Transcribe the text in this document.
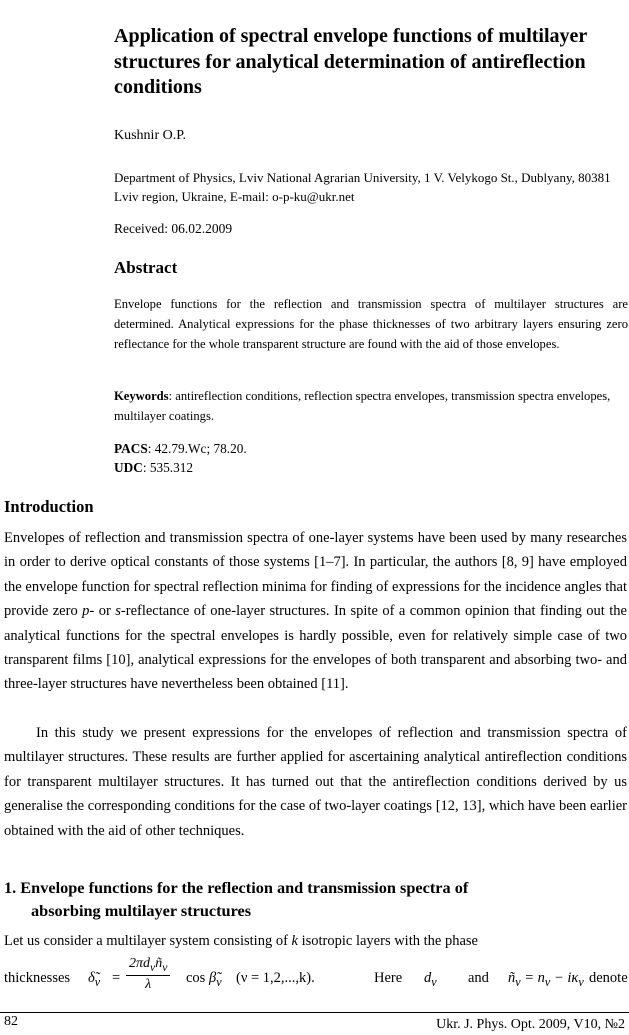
Application of spectral envelope functions of multilayer structures for analytical determination of antireflection conditions
Kushnir O.P.
Department of Physics, Lviv National Agrarian University, 1 V. Velykogo St., Dublyany, 80381 Lviv region, Ukraine, E-mail: o-p-ku@ukr.net
Received: 06.02.2009
Abstract
Envelope functions for the reflection and transmission spectra of multilayer structures are determined. Analytical expressions for the phase thicknesses of two arbitrary layers ensuring zero reflectance for the whole transparent structure are found with the aid of those envelopes.
Keywords: antireflection conditions, reflection spectra envelopes, transmission spectra envelopes, multilayer coatings.
PACS: 42.79.Wc; 78.20.
UDC: 535.312
Introduction
Envelopes of reflection and transmission spectra of one-layer systems have been used by many researches in order to derive optical constants of those systems [1–7]. In particular, the authors [8, 9] have employed the envelope function for spectral reflection minima for finding of expressions for the incidence angles that provide zero p- or s-reflectance of one-layer structures. In spite of a common opinion that finding out the analytical functions for the spectral envelopes is hardly possible, even for relatively simple case of two transparent films [10], analytical expressions for the envelopes of both transparent and absorbing two- and three-layer structures have nevertheless been obtained [11].
In this study we present expressions for the envelopes of reflection and transmission spectra of multilayer structures. These results are further applied for ascertaining analytical antireflection conditions for transparent multilayer structures. It has turned out that the antireflection conditions derived by us generalise the corresponding conditions for the case of two-layer coatings [12, 13], which have been earlier obtained with the aid of other techniques.
1. Envelope functions for the reflection and transmission spectra of
absorbing multilayer structures
Let us consider a multilayer system consisting of k isotropic layers with the phase
thicknesses $\deltã_\nu$ =
$2\pi d_\nu ñ_\nu$
λ	$\cos \betã_\nu$ (ν = 1,2,...,k).	Here $d_\nu$ and $ñ_\nu = n_\nu - i\kappa_\nu$ denote
82	Ukr. J. Phys. Opt. 2009, V10, №2
